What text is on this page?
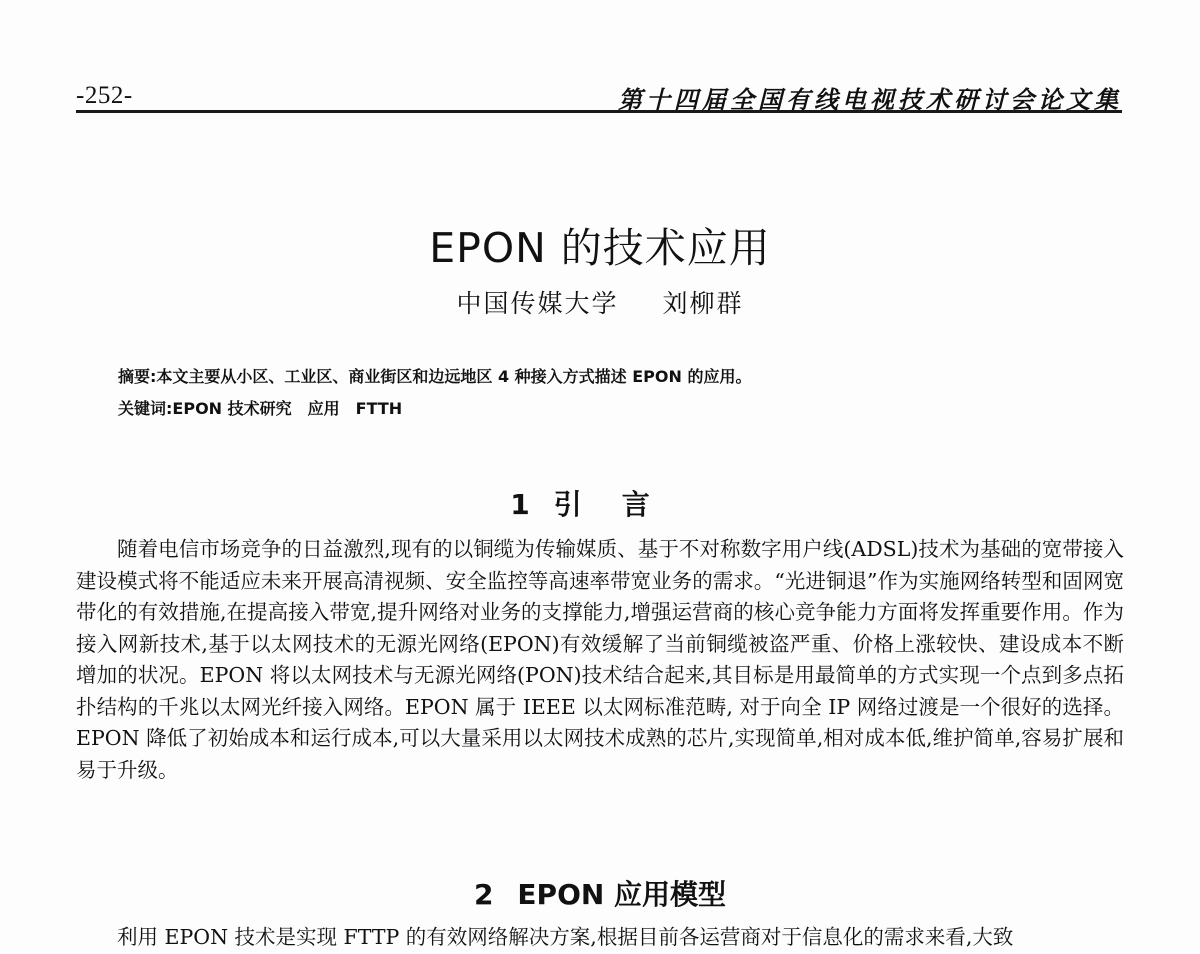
-252-	第十四届全国有线电视技术研讨会论文集
EPON 的技术应用
中国传媒大学 刘柳群
摘要:本文主要从小区、工业区、商业街区和边远地区 4 种接入方式描述 EPON 的应用。
关键词:EPON 技术研究 应用 FTTH
1 引言

随着电信市场竞争的日益激烈,现有的以铜缆为传输媒质、基于不对称数字用户线(ADSL)技术为基础的宽带接入建设模式将不能适应未来开展高清视频、安全监控等高速率带宽业务的需求。“光进铜退”作为实施网络转型和固网宽带化的有效措施,在提高接入带宽,提升网络对业务的支撑能力,增强运营商的核心竞争能力方面将发挥重要作用。作为接入网新技术,基于以太网技术的无源光网络(EPON)有效缓解了当前铜缆被盗严重、价格上涨较快、建设成本不断增加的状况。EPON 将以太网技术与无源光网络(PON)技术结合起来,其目标是用最简单的方式实现一个点到多点拓扑结构的千兆以太网光纤接入网络。EPON 属于 IEEE 以太网标准范畴, 对于向全 IP 网络过渡是一个很好的选择。EPON 降低了初始成本和运行成本,可以大量采用以太网技术成熟的芯片,实现简单,相对成本低,维护简单,容易扩展和易于升级。

2 EPON 应用模型

利用 EPON 技术是实现 FTTP 的有效网络解决方案,根据目前各运营商对于信息化的需求来看,大致
